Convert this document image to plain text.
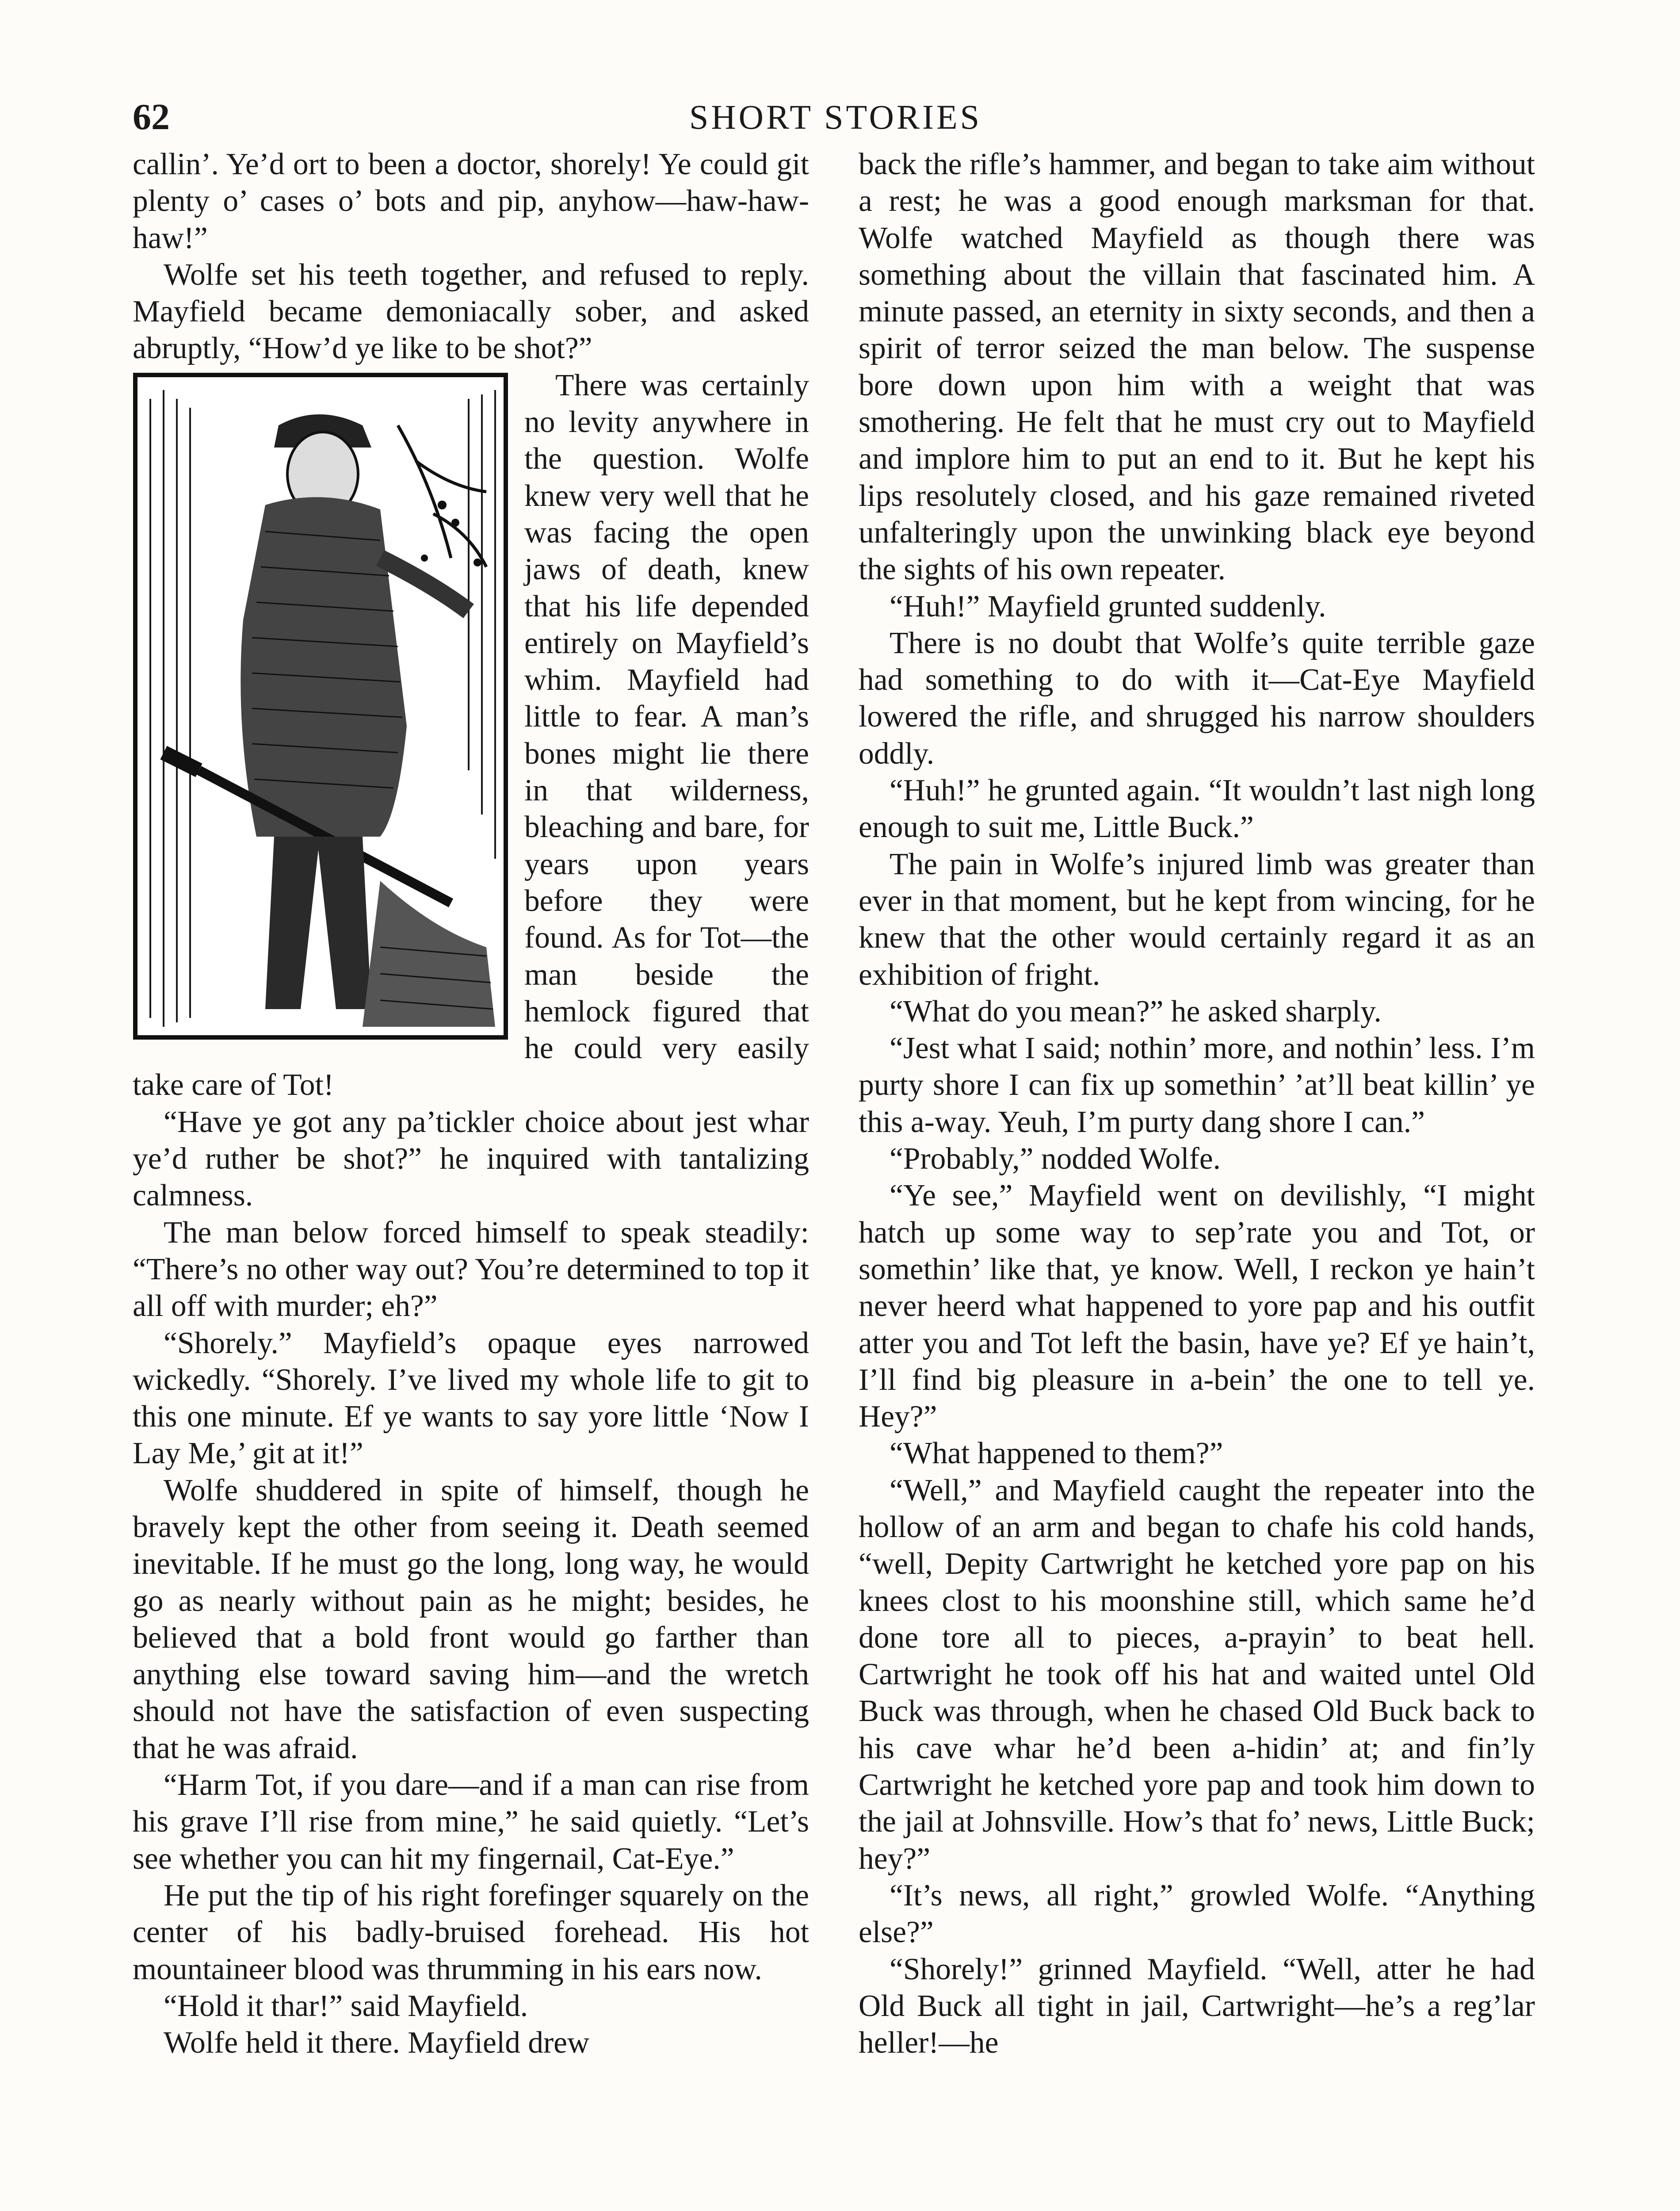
62	SHORT STORIES

callin’. Ye’d ort to been a doctor, shorely! Ye could git plenty o’ cases o’ bots and pip, anyhow—haw-haw-haw!”

Wolfe set his teeth together, and refused to reply. Mayfield became demoniacally sober, and asked abruptly, “How’d ye like to be shot?”

There was certainly no levity anywhere in the question. Wolfe knew very well that he was facing the open jaws of death, knew that his life depended entirely on Mayfield’s whim. Mayfield had little to fear. A man’s bones might lie there in that wilderness, bleaching and bare, for years upon years before they were found. As for Tot—the man beside the hemlock figured that he could very easily take care of Tot!

“Have ye got any pa’tickler choice about jest whar ye’d ruther be shot?” he inquired with tantalizing calmness.

The man below forced himself to speak steadily: “There’s no other way out? You’re determined to top it all off with murder; eh?”

“Shorely.” Mayfield’s opaque eyes narrowed wickedly. “Shorely. I’ve lived my whole life to git to this one minute. Ef ye wants to say yore little ‘Now I Lay Me,’ git at it!”

Wolfe shuddered in spite of himself, though he bravely kept the other from seeing it. Death seemed inevitable. If he must go the long, long way, he would go as nearly without pain as he might; besides, he believed that a bold front would go farther than anything else toward saving him—and the wretch should not have the satisfaction of even suspecting that he was afraid.

“Harm Tot, if you dare—and if a man can rise from his grave I’ll rise from mine,” he said quietly. “Let’s see whether you can hit my fingernail, Cat-Eye.”

He put the tip of his right forefinger squarely on the center of his badly-bruised forehead. His hot mountaineer blood was thrumming in his ears now.

“Hold it thar!” said Mayfield.

Wolfe held it there. Mayfield drew

back the rifle’s hammer, and began to take aim without a rest; he was a good enough marksman for that. Wolfe watched Mayfield as though there was something about the villain that fascinated him. A minute passed, an eternity in sixty seconds, and then a spirit of terror seized the man below. The suspense bore down upon him with a weight that was smothering. He felt that he must cry out to Mayfield and implore him to put an end to it. But he kept his lips resolutely closed, and his gaze remained riveted unfalteringly upon the unwinking black eye beyond the sights of his own repeater.

“Huh!” Mayfield grunted suddenly.

There is no doubt that Wolfe’s quite terrible gaze had something to do with it—Cat-Eye Mayfield lowered the rifle, and shrugged his narrow shoulders oddly.

“Huh!” he grunted again. “It wouldn’t last nigh long enough to suit me, Little Buck.”

The pain in Wolfe’s injured limb was greater than ever in that moment, but he kept from wincing, for he knew that the other would certainly regard it as an exhibition of fright.

“What do you mean?” he asked sharply.

“Jest what I said; nothin’ more, and nothin’ less. I’m purty shore I can fix up somethin’ ’at’ll beat killin’ ye this a-way. Yeuh, I’m purty dang shore I can.”

“Probably,” nodded Wolfe.

“Ye see,” Mayfield went on devilishly, “I might hatch up some way to sep’rate you and Tot, or somethin’ like that, ye know. Well, I reckon ye hain’t never heerd what happened to yore pap and his outfit atter you and Tot left the basin, have ye? Ef ye hain’t, I’ll find big pleasure in a-bein’ the one to tell ye. Hey?”

“What happened to them?”

“Well,” and Mayfield caught the repeater into the hollow of an arm and began to chafe his cold hands, “well, Depity Cartwright he ketched yore pap on his knees clost to his moonshine still, which same he’d done tore all to pieces, a-prayin’ to beat hell. Cartwright he took off his hat and waited untel Old Buck was through, when he chased Old Buck back to his cave whar he’d been a-hidin’ at; and fin’ly Cartwright he ketched yore pap and took him down to the jail at Johnsville. How’s that fo’ news, Little Buck; hey?”

“It’s news, all right,” growled Wolfe. “Anything else?”

“Shorely!” grinned Mayfield. “Well, atter he had Old Buck all tight in jail, Cartwright—he’s a reg’lar heller!—he
